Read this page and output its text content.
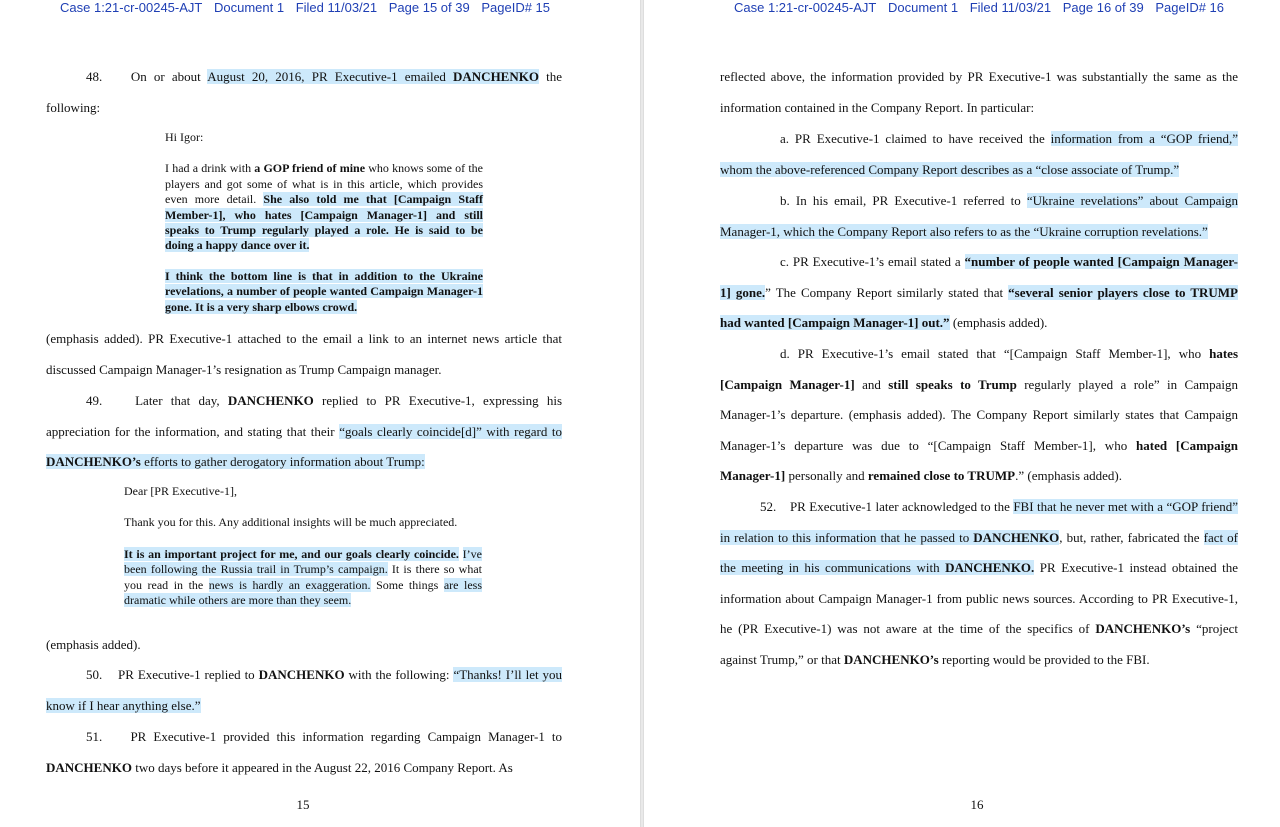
Case 1:21-cr-00245-AJT Document 1 Filed 11/03/21 Page 15 of 39 PageID# 15

48. On or about August 20, 2016, PR Executive-1 emailed DANCHENKO the following:

Hi Igor:

I had a drink with a GOP friend of mine who knows some of the players and got some of what is in this article, which provides even more detail. She also told me that [Campaign Staff Member-1], who hates [Campaign Manager-1] and still speaks to Trump regularly played a role. He is said to be doing a happy dance over it.

I think the bottom line is that in addition to the Ukraine revelations, a number of people wanted Campaign Manager-1 gone. It is a very sharp elbows crowd.

(emphasis added). PR Executive-1 attached to the email a link to an internet news article that discussed Campaign Manager-1’s resignation as Trump Campaign manager.

49.	Later that day, DANCHENKO replied to PR Executive-1, expressing his appreciation for the information, and stating that their “goals clearly coincide[d]” with regard to DANCHENKO’s efforts to gather derogatory information about Trump:

Dear [PR Executive-1],

Thank you for this. Any additional insights will be much appreciated.

It is an important project for me, and our goals clearly coincide. I’ve been following the Russia trail in Trump’s campaign. It is there so what you read in the news is hardly an exaggeration. Some things are less dramatic while others are more than they seem.

(emphasis added).

50. PR Executive-1 replied to DANCHENKO with the following: “Thanks! I’ll let you know if I hear anything else.”

51. PR Executive-1 provided this information regarding Campaign Manager-1 to DANCHENKO two days before it appeared in the August 22, 2016 Company Report. As

15
Case 1:21-cr-00245-AJT Document 1 Filed 11/03/21 Page 16 of 39 PageID# 16

reflected above, the information provided by PR Executive-1 was substantially the same as the information contained in the Company Report. In particular:

a. PR Executive-1 claimed to have received the information from a “GOP friend,” whom the above-referenced Company Report describes as a “close associate of Trump.”

b. In his email, PR Executive-1 referred to “Ukraine revelations” about Campaign Manager-1, which the Company Report also refers to as the “Ukraine corruption revelations.”

c. PR Executive-1’s email stated a “number of people wanted [Campaign Manager-1] gone.” The Company Report similarly stated that “several senior players close to TRUMP had wanted [Campaign Manager-1] out.” (emphasis added).

d. PR Executive-1’s email stated that “[Campaign Staff Member-1], who hates [Campaign Manager-1] and still speaks to Trump regularly played a role” in Campaign Manager-1’s departure. (emphasis added). The Company Report similarly states that Campaign Manager-1’s departure was due to “[Campaign Staff Member-1], who hated [Campaign Manager-1] personally and remained close to TRUMP.” (emphasis added).

52. PR Executive-1 later acknowledged to the FBI that he never met with a “GOP friend” in relation to this information that he passed to DANCHENKO, but, rather, fabricated the fact of the meeting in his communications with DANCHENKO. PR Executive-1 instead obtained the information about Campaign Manager-1 from public news sources. According to PR Executive-1, he (PR Executive-1) was not aware at the time of the specifics of DANCHENKO’s “project against Trump,” or that DANCHENKO’s reporting would be provided to the FBI.

16
